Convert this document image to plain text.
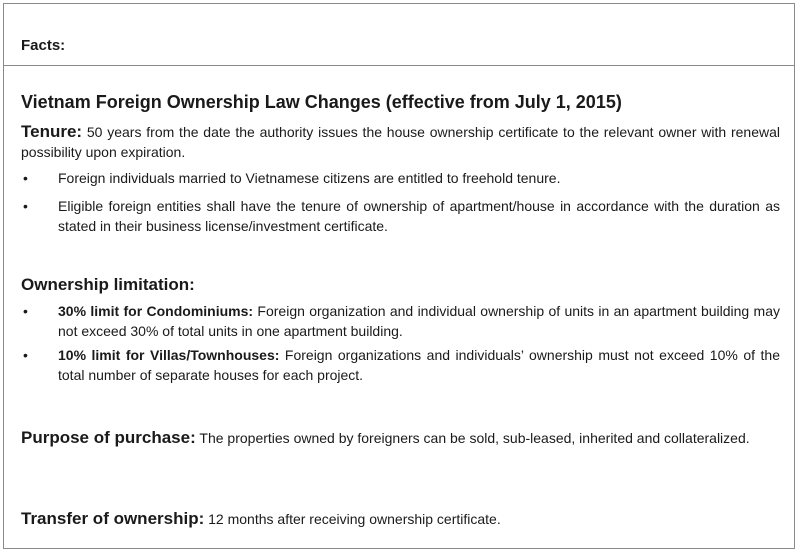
Facts:
Vietnam Foreign Ownership Law Changes (effective from July 1, 2015)
Tenure: 50 years from the date the authority issues the house ownership certificate to the relevant owner with renewal possibility upon expiration.
• Foreign individuals married to Vietnamese citizens are entitled to freehold tenure.
• Eligible foreign entities shall have the tenure of ownership of apartment/house in accordance with the duration as stated in their business license/investment certificate.
Ownership limitation:
• 30% limit for Condominiums: Foreign organization and individual ownership of units in an apartment building may not exceed 30% of total units in one apartment building.
• 10% limit for Villas/Townhouses: Foreign organizations and individuals’ ownership must not exceed 10% of the total number of separate houses for each project.
Purpose of purchase: The properties owned by foreigners can be sold, sub-leased, inherited and collateralized.
Transfer of ownership: 12 months after receiving ownership certificate.
